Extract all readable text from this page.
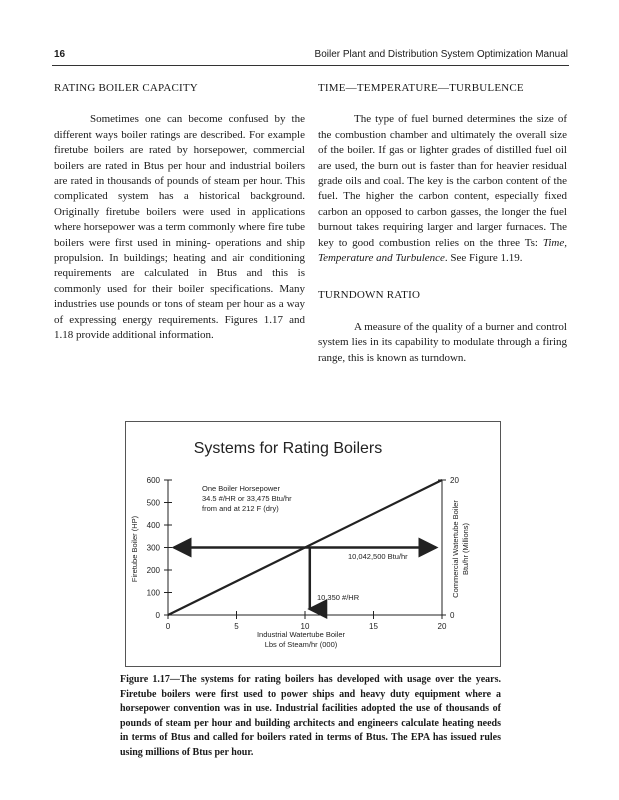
16	Boiler Plant and Distribution System Optimization Manual
RATING BOILER CAPACITY

Sometimes one can become confused by the different ways boiler ratings are described. For example firetube boilers are rated by horsepower, commercial boilers are rated in Btus per hour and industrial boilers are rated in thousands of pounds of steam per hour. This complicated system has a historical background. Originally firetube boilers were used in applications where horsepower was a term commonly where fire tube boilers were first used in mining- operations and ship propulsion. In buildings; heating and air conditioning requirements are calculated in Btus and this is commonly used for their boiler specifications. Many industries use pounds or tons of steam per hour as a way of expressing energy requirements. Figures 1.17 and 1.18 provide additional information.

TIME—TEMPERATURE—TURBULENCE

The type of fuel burned determines the size of the combustion chamber and ultimately the overall size of the boiler. If gas or lighter grades of distilled fuel oil are used, the burn out is faster than for heavier residual grade oils and coal. The key is the carbon content of the fuel. The higher the carbon content, especially fixed carbon an opposed to carbon gasses, the longer the fuel burnout takes requiring larger and larger furnaces. The key to good combustion relies on the three Ts: Time, Temperature and Turbulence. See Figure 1.19.

TURNDOWN RATIO

A measure of the quality of a burner and control system lies in its capability to modulate through a firing range, this is known as turndown.

Systems for Rating Boilers
0
100
200
300
400
500
600
0	5	10	15	20
0
20
One Boiler Horsepower
34.5 #/HR or 33,475 Btu/hr
from and at 212 F (dry)
10,042,500 Btu/hr
10,350 #/HR
Industrial Watertube Boiler
Lbs of Steam/hr (000)
Firetube Boiler (HP)	Commercial Watertube Boiler Btu/hr (Millions)
Figure 1.17—The systems for rating boilers has developed with usage over the years. Firetube boilers were first used to power ships and heavy duty equipment where a horsepower convention was in use. Industrial facilities adopted the use of thousands of pounds of steam per hour and building architects and engineers calculate heating needs in terms of Btus and called for boilers rated in terms of Btus. The EPA has issued rules using millions of Btus per hour.
